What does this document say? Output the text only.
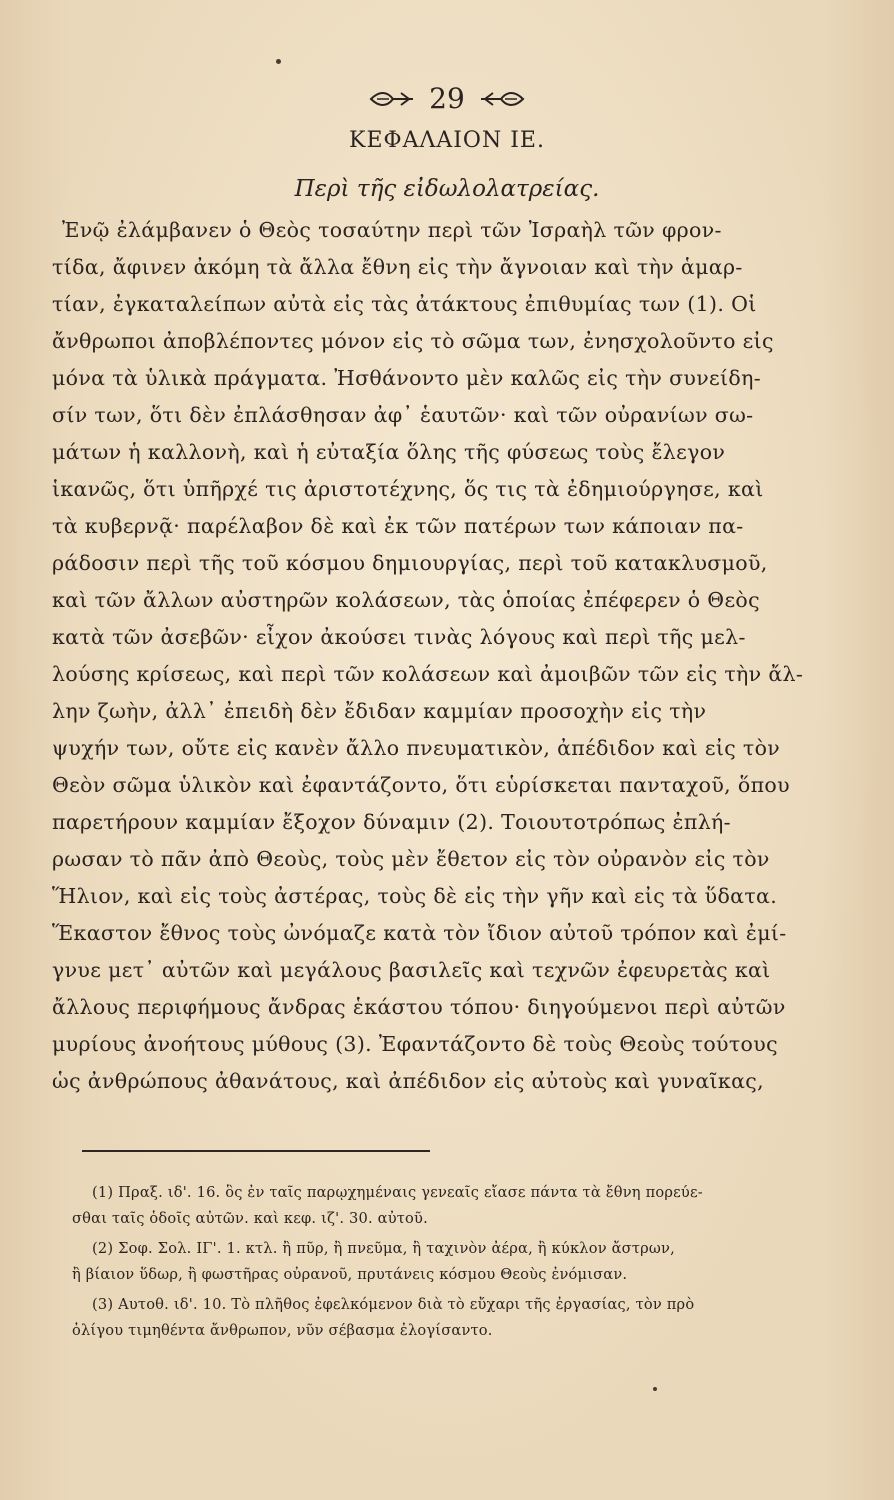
29
ΚΕΦΑΛΑΙΟΝ ΙΕ.
Περὶ τῆς εἰδωλολατρείας.
Ἐνῷ ἐλάμβανεν ὁ Θεὸς τοσαύτην περὶ τῶν Ἰσραὴλ τῶν φρον-
τίδα, ἄφινεν ἀκόμη τὰ ἄλλα ἔθνη εἰς τὴν ἄγνοιαν καὶ τὴν ἁμαρ-
τίαν, ἐγκαταλείπων αὐτὰ εἰς τὰς ἀτάκτους ἐπιθυμίας των (1). Οἱ
ἄνθρωποι ἀποβλέποντες μόνον εἰς τὸ σῶμα των, ἐνησχολοῦντο εἰς
μόνα τὰ ὑλικὰ πράγματα. Ἠσθάνοντο μὲν καλῶς εἰς τὴν συνείδη-
σίν των, ὅτι δὲν ἐπλάσθησαν ἀφ᾽ ἑαυτῶν· καὶ τῶν οὐρανίων σω-
μάτων ἡ καλλονὴ, καὶ ἡ εὐταξία ὅλης τῆς φύσεως τοὺς ἔλεγον
ἱκανῶς, ὅτι ὑπῆρχέ τις ἀριστοτέχνης, ὅς τις τὰ ἐδημιούργησε, καὶ
τὰ κυβερνᾷ· παρέλαβον δὲ καὶ ἐκ τῶν πατέρων των κάποιαν πα-
ράδοσιν περὶ τῆς τοῦ κόσμου δημιουργίας, περὶ τοῦ κατακλυσμοῦ,
καὶ τῶν ἄλλων αὐστηρῶν κολάσεων, τὰς ὁποίας ἐπέφερεν ὁ Θεὸς
κατὰ τῶν ἀσεβῶν· εἶχον ἀκούσει τινὰς λόγους καὶ περὶ τῆς μελ-
λούσης κρίσεως, καὶ περὶ τῶν κολάσεων καὶ ἀμοιβῶν τῶν εἰς τὴν ἄλ-
λην ζωὴν, ἀλλ᾽ ἐπειδὴ δὲν ἔδιδαν καμμίαν προσοχὴν εἰς τὴν
ψυχήν των, οὔτε εἰς κανὲν ἄλλο πνευματικὸν, ἀπέδιδον καὶ εἰς τὸν
Θεὸν σῶμα ὑλικὸν καὶ ἐφαντάζοντο, ὅτι εὑρίσκεται πανταχοῦ, ὅπου
παρετήρουν καμμίαν ἔξοχον δύναμιν (2). Τοιουτοτρόπως ἐπλή-
ρωσαν τὸ πᾶν ἀπὸ Θεοὺς, τοὺς μὲν ἔθετον εἰς τὸν οὐρανὸν εἰς τὸν
Ἥλιον, καὶ εἰς τοὺς ἀστέρας, τοὺς δὲ εἰς τὴν γῆν καὶ εἰς τὰ ὕδατα.
Ἕκαστον ἔθνος τοὺς ὠνόμαζε κατὰ τὸν ἴδιον αὐτοῦ τρόπον καὶ ἐμί-
γνυε μετ᾽ αὐτῶν καὶ μεγάλους βασιλεῖς καὶ τεχνῶν ἐφευρετὰς καὶ
ἄλλους περιφήμους ἄνδρας ἑκάστου τόπου· διηγούμενοι περὶ αὐτῶν
μυρίους ἀνοήτους μύθους (3). Ἐφαντάζοντο δὲ τοὺς Θεοὺς τούτους
ὡς ἀνθρώπους ἀθανάτους, καὶ ἀπέδιδον εἰς αὐτοὺς καὶ γυναῖκας,
(1) Πραξ. ιδ'. 16. ὃς ἐν ταῖς παρῳχημέναις γενεαῖς εἴασε πάντα τὰ ἔθνη πορεύε-
σθαι ταῖς ὁδοῖς αὐτῶν. καὶ κεφ. ιζ'. 30. αὐτοῦ.
(2) Σοφ. Σολ. ΙΓ'. 1. κτλ. ἢ πῦρ, ἢ πνεῦμα, ἢ ταχινὸν ἀέρα, ἢ κύκλον ἄστρων,
ἢ βίαιον ὕδωρ, ἢ φωστῆρας οὐρανοῦ, πρυτάνεις κόσμου Θεοὺς ἐνόμισαν.
(3) Αυτοθ. ιδ'. 10. Τὸ πλῆθος ἐφελκόμενον διὰ τὸ εὔχαρι τῆς ἐργασίας, τὸν πρὸ
ὀλίγου τιμηθέντα ἄνθρωπον, νῦν σέβασμα ἐλογίσαντο.
